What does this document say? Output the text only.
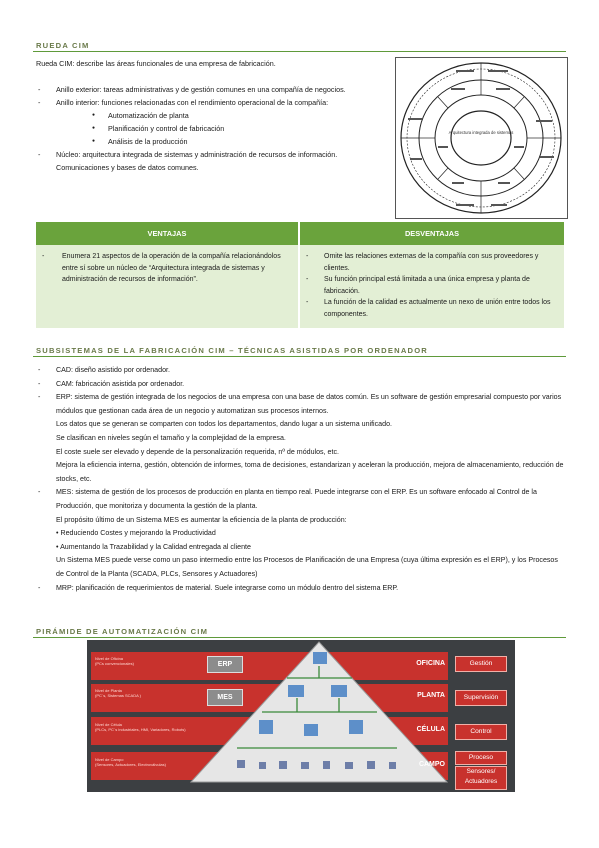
RUEDA CIM
Rueda CIM: describe las áreas funcionales de una empresa de fabricación.
- Anillo exterior: tareas administrativas y de gestión comunes en una compañía de negocios.
- Anillo interior: funciones relacionadas con el rendimiento operacional de la compañía:
● Automatización de planta
● Planificación y control de fabricación
● Análisis de la producción
- Núcleo: arquitectura integrada de sistemas y administración de recursos de información. Comunicaciones y bases de datos comunes.
Arquitectura integrada de sistemas
VENTAJAS	DESVENTAJAS
- Enumera 21 aspectos de la operación de la compañía relacionándolos entre sí sobre un núcleo de “Arquitectura integrada de sistemas y administración de recursos de información”.
- Omite las relaciones externas de la compañía con sus proveedores y clientes.
- Su función principal está limitada a una única empresa y planta de fabricación.
- La función de la calidad es actualmente un nexo de unión entre todos los componentes.
SUBSISTEMAS DE LA FABRICACIÓN CIM – TÉCNICAS ASISTIDAS POR ORDENADOR
- CAD: diseño asistido por ordenador.
- CAM: fabricación asistida por ordenador.
- ERP: sistema de gestión integrada de los negocios de una empresa con una base de datos común. Es un software de gestión empresarial compuesto por varios módulos que gestionan cada área de un negocio y automatizan sus procesos internos.
Los datos que se generan se comparten con todos los departamentos, dando lugar a un sistema unificado.
Se clasifican en niveles según el tamaño y la complejidad de la empresa.
El coste suele ser elevado y depende de la personalización requerida, nº de módulos, etc.
Mejora la eficiencia interna, gestión, obtención de informes, toma de decisiones, estandarizan y aceleran la producción, mejora de almacenamiento, reducción de stocks, etc.
- MES: sistema de gestión de los procesos de producción en planta en tiempo real. Puede integrarse con el ERP. Es un software enfocado al Control de la Producción, que monitoriza y documenta la gestión de la planta.
El propósito último de un Sistema MES es aumentar la eficiencia de la planta de producción:
• Reduciendo Costes y mejorando la Productividad
• Aumentando la Trazabilidad y la Calidad entregada al cliente
Un Sistema MES puede verse como un paso intermedio entre los Procesos de Planificación de una Empresa (cuya última expresión es el ERP), y los Procesos de Control de la Planta (SCADA, PLCs, Sensores y Actuadores)
- MRP: planificación de requerimientos de material. Suele integrarse como un módulo dentro del sistema ERP.
PIRÁMIDE DE AUTOMATIZACIÓN CIM
Nivel de Oficina
(PCs convencionales)
Nivel de Planta
(PC´s, Sistemas SCADA )
Nivel de Célula
(PLCs, PC´s industriales, HMI, Variadores, Robots)
Nivel de Campo
(Sensores, Actuadores, Electroválvulas)
ERP
MES
OFICINA
PLANTA
CÉLULA
CAMPO
Gestión
Supervisión
Control
Proceso
Sensores/
Actuadores
